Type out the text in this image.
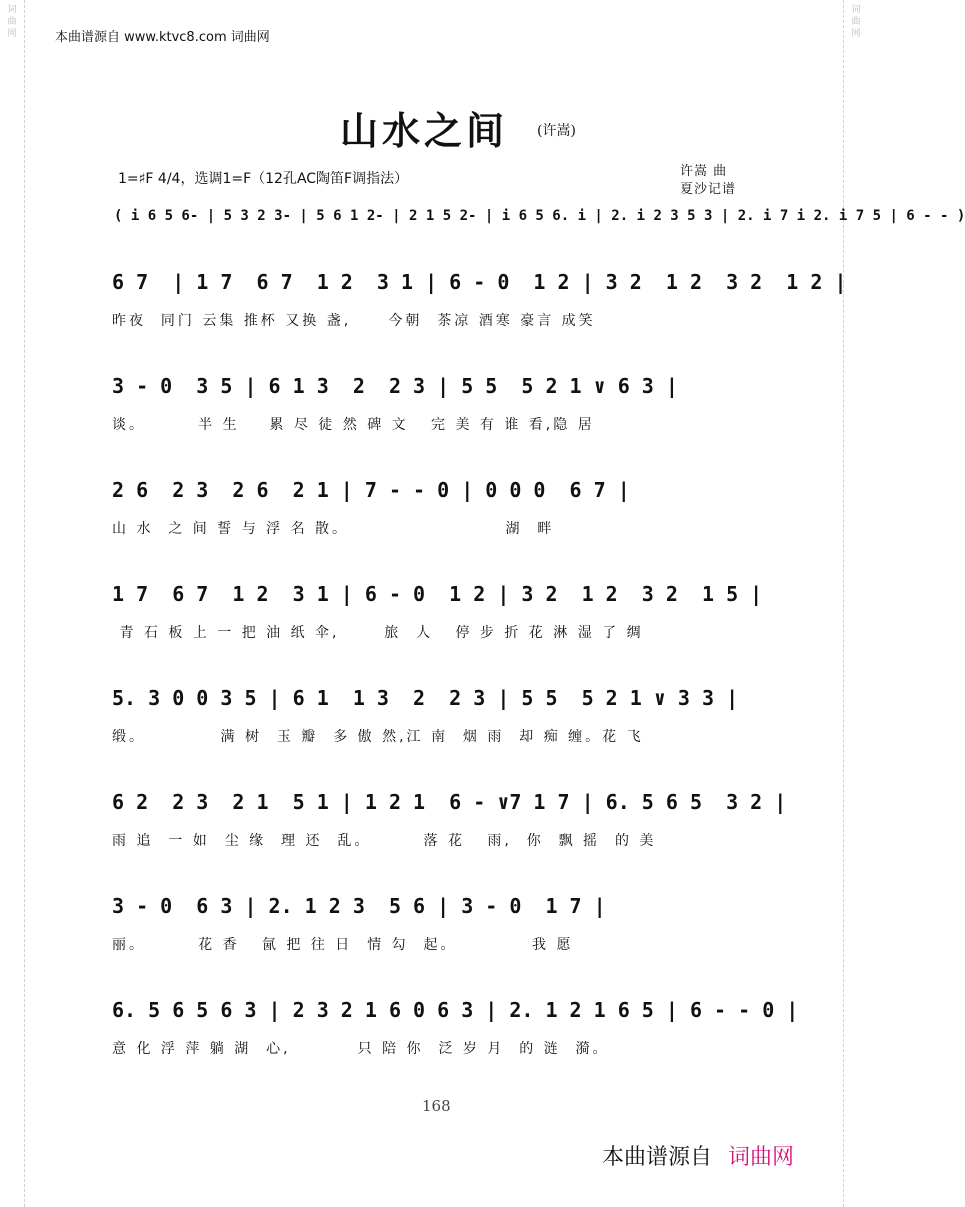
词
曲
网
词
曲
网
本曲谱源自 www.ktvc8.com 词曲网
山水之间 (许嵩)
1=♯F 4/4，选调1=F（12孔AC陶笛F调指法）	许嵩 曲
夏沙记谱
( i 6 5 6- | 5 3 2 3- | 5 6 1 2- | 2 1 5 2- | i 6 5 6. i | 2. i 2 3 5 3 | 2. i 7 i 2. i 7 5 | 6 - - )
6 7  | 1 7  6 7  1 2  3 1 | 6 - 0  1 2 | 3 2  1 2  3 2  1 2 |
昨夜  同门 云集 推杯 又换 盏,     今朝  茶凉 酒寒 豪言 成笑
3 - 0  3 5 | 6 1 3  2  2 3 | 5 5  5 2 1 ∨ 6 3 |
谈。       半 生    累 尽 徒 然 碑 文   完 美 有 谁 看,隐 居
2 6  2 3  2 6  2 1 | 7 - - 0 | 0 0 0  6 7 |
山 水  之 间 誓 与 浮 名 散。                     湖  畔
1 7  6 7  1 2  3 1 | 6 - 0  1 2 | 3 2  1 2  3 2  1 5 |
青 石 板 上 一 把 油 纸 伞,      旅  人   停 步 折 花 淋 湿 了 绸
5. 3 0 0 3 5 | 6 1  1 3  2  2 3 | 5 5  5 2 1 ∨ 3 3 |
缎。          满 树  玉 瓣  多 傲 然,江 南  烟 雨  却 痴 缠。花 飞
6 2  2 3  2 1  5 1 | 1 2 1  6 - ∨7 1 7 | 6. 5 6 5  3 2 |
雨 追  一 如  尘 缘  理 还  乱。       落 花   雨,  你  飘 摇  的 美
3 - 0  6 3 | 2. 1 2 3  5 6 | 3 - 0  1 7 |
丽。       花 香   氤 把 往 日  情 勾  起。          我 愿
6. 5 6 5 6 3 | 2 3 2 1 6 0 6 3 | 2. 1 2 1 6 5 | 6 - - 0 |
意 化 浮 萍 躺 湖  心,         只 陪 你  泛 岁 月  的 涟  漪。
168
本曲谱源自 词曲网
